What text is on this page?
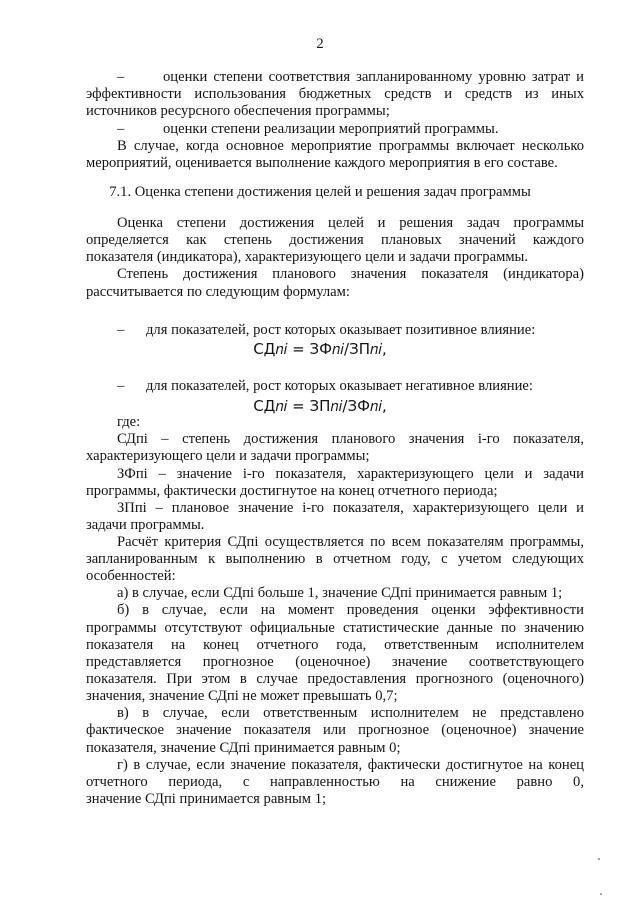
2
–	оценки степени соответствия запланированному уровню затрат и
эффективности использования бюджетных средств и средств из иных
источников ресурсного обеспечения программы;
–	оценки степени реализации мероприятий программы.
В случае, когда основное мероприятие программы включает несколько
мероприятий, оценивается выполнение каждого мероприятия в его составе.
7.1. Оценка степени достижения целей и решения задач программы
Оценка степени достижения целей и решения задач программы
определяется как степень достижения плановых значений каждого
показателя (индикатора), характеризующего цели и задачи программы.
Степень достижения планового значения показателя (индикатора)
рассчитывается по следующим формулам:
– для показателей, рост которых оказывает позитивное влияние:
СД𝑛𝑖 = ЗФ𝑛𝑖/ЗП𝑛𝑖,
– для показателей, рост которых оказывает негативное влияние:
СД𝑛𝑖 = ЗП𝑛𝑖/ЗФ𝑛𝑖,
где:
СДпi – степень достижения планового значения i-го показателя,
характеризующего цели и задачи программы;
ЗФпi – значение i-го показателя, характеризующего цели и задачи
программы, фактически достигнутое на конец отчетного периода;
ЗПпi – плановое значение i-го показателя, характеризующего цели и
задачи программы.
Расчёт критерия СДпi осуществляется по всем показателям программы,
запланированным к выполнению в отчетном году, с учетом следующих
особенностей:
а) в случае, если СДпi больше 1, значение СДпi принимается равным 1;
б) в случае, если на момент проведения оценки эффективности
программы отсутствуют официальные статистические данные по значению
показателя на конец отчетного года, ответственным исполнителем
представляется прогнозное (оценочное) значение соответствующего
показателя. При этом в случае предоставления прогнозного (оценочного)
значения, значение СДпi не может превышать 0,7;
в) в случае, если ответственным исполнителем не представлено
фактическое значение показателя или прогнозное (оценочное) значение
показателя, значение СДпi принимается равным 0;
г) в случае, если значение показателя, фактически достигнутое на конец
отчетного периода, с направленностью на снижение равно 0,
значение СДпi принимается равным 1;
